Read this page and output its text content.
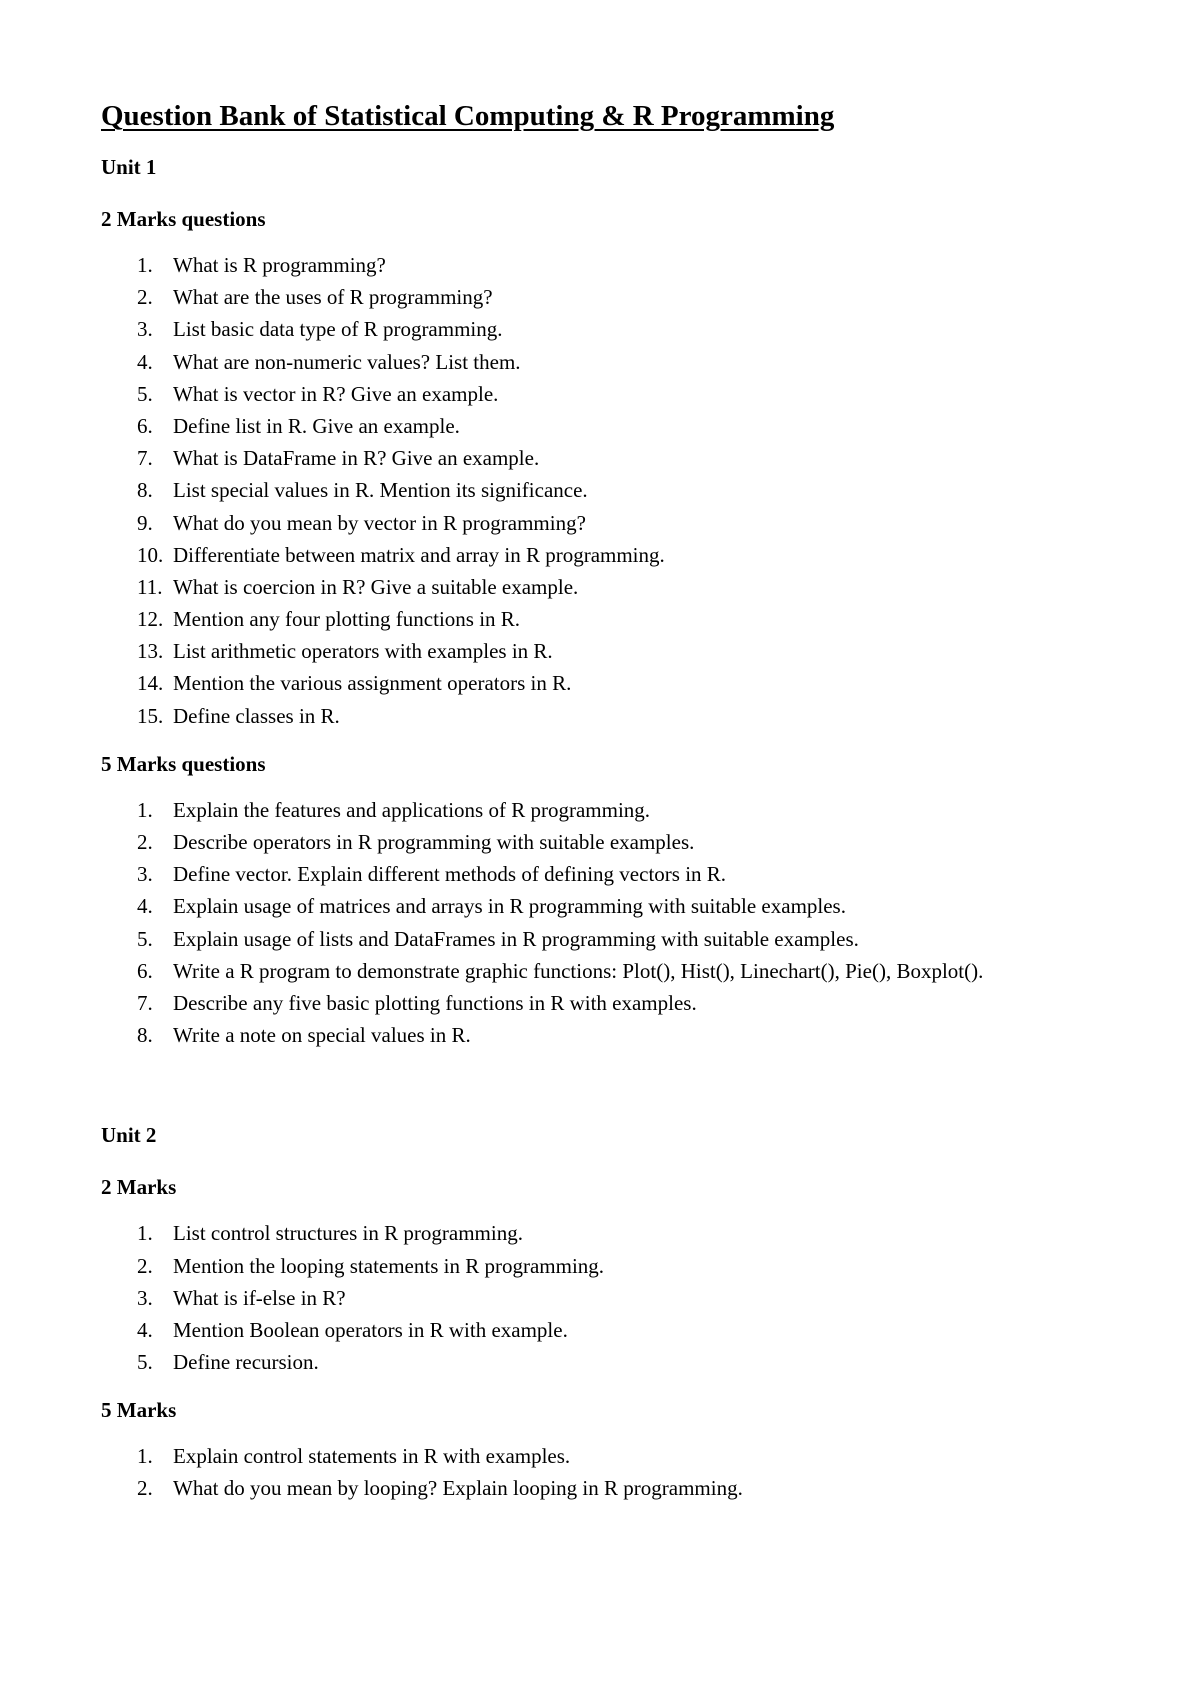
Question Bank of Statistical Computing & R Programming
Unit 1
2 Marks questions
1. What is R programming?
2. What are the uses of R programming?
3. List basic data type of R programming.
4. What are non-numeric values? List them.
5. What is vector in R? Give an example.
6. Define list in R. Give an example.
7. What is DataFrame in R? Give an example.
8. List special values in R. Mention its significance.
9. What do you mean by vector in R programming?
10. Differentiate between matrix and array in R programming.
11. What is coercion in R? Give a suitable example.
12. Mention any four plotting functions in R.
13. List arithmetic operators with examples in R.
14. Mention the various assignment operators in R.
15. Define classes in R.
5 Marks questions
1. Explain the features and applications of R programming.
2. Describe operators in R programming with suitable examples.
3. Define vector. Explain different methods of defining vectors in R.
4. Explain usage of matrices and arrays in R programming with suitable examples.
5. Explain usage of lists and DataFrames in R programming with suitable examples.
6. Write a R program to demonstrate graphic functions: Plot(), Hist(), Linechart(), Pie(), Boxplot().
7. Describe any five basic plotting functions in R with examples.
8. Write a note on special values in R.
Unit 2
2 Marks
1. List control structures in R programming.
2. Mention the looping statements in R programming.
3. What is if-else in R?
4. Mention Boolean operators in R with example.
5. Define recursion.
5 Marks
1. Explain control statements in R with examples.
2. What do you mean by looping? Explain looping in R programming.
